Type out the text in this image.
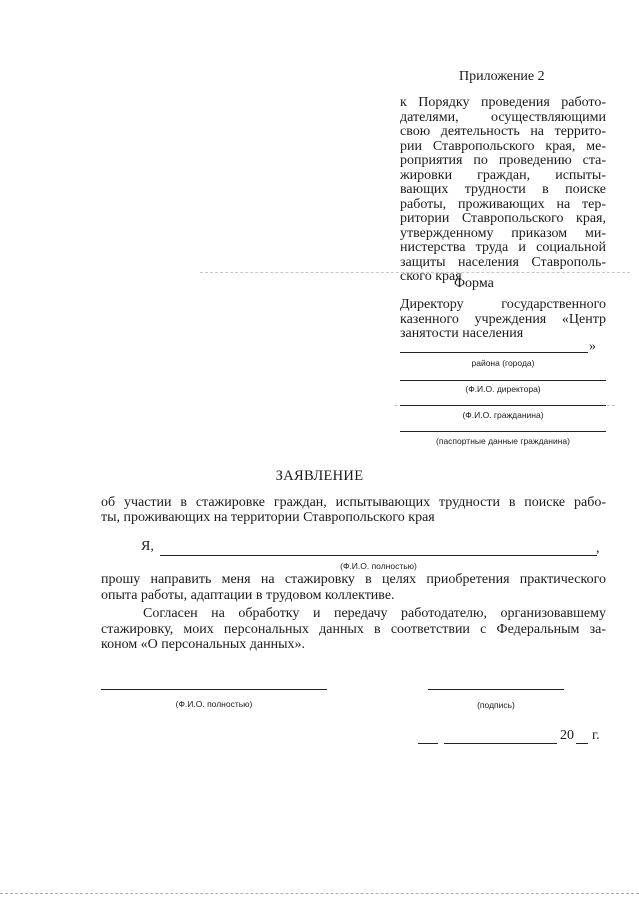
Приложение 2
к Порядку проведения работо-
дателями, осуществляющими
свою деятельность на террито-
рии Ставропольского края, ме-
роприятия по проведению ста-
жировки граждан, испыты-
вающих трудности в поиске
работы, проживающих на тер-
ритории Ставропольского края,
утвержденному приказом ми-
нистерства труда и социальной
защиты населения Ставрополь-
ского края
Форма
Директору государственного
казенного учреждения «Центр
занятости населения
»
района (города)
(Ф.И.О. директора)
(Ф.И.О. гражданина)
(паспортные данные гражданина)
ЗАЯВЛЕНИЕ
об участии в стажировке граждан, испытывающих трудности в поиске рабо-
ты, проживающих на территории Ставропольского края
Я,	,
(Ф.И.О. полностью)
прошу направить меня на стажировку в целях приобретения практического
опыта работы, адаптации в трудовом коллективе.
Согласен на обработку и передачу работодателю, организовавшему
стажировку, моих персональных данных в соответствии с Федеральным за-
коном «О персональных данных».
(Ф.И.О. полностью)	(подпись)
20 г.
